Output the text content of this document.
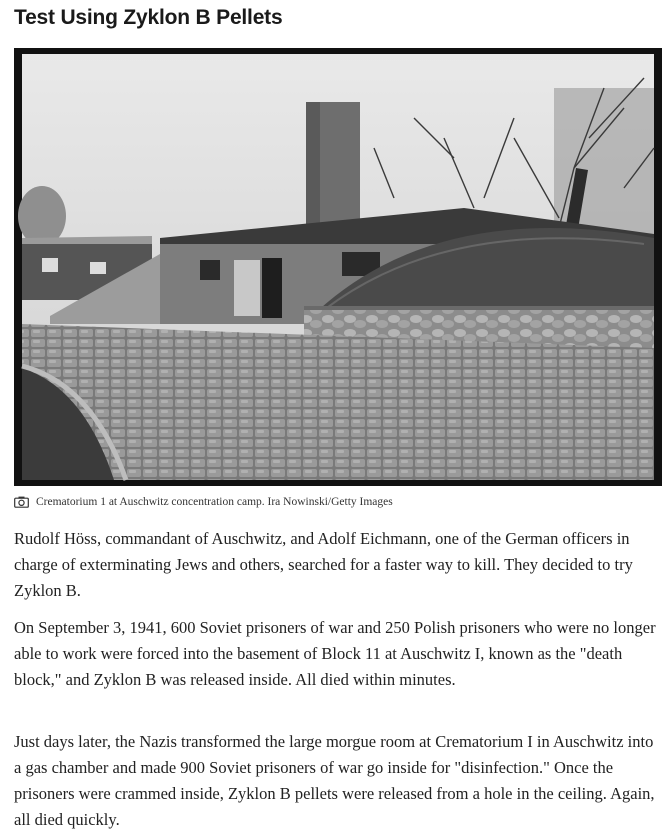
Test Using Zyklon B Pellets
Crematorium 1 at Auschwitz concentration camp. Ira Nowinski/Getty Images

Rudolf Höss, commandant of Auschwitz, and Adolf Eichmann, one of the German officers in charge of exterminating Jews and others, searched for a faster way to kill. They decided to try Zyklon B.

On September 3, 1941, 600 Soviet prisoners of war and 250 Polish prisoners who were no longer able to work were forced into the basement of Block 11 at Auschwitz I, known as the "death block," and Zyklon B was released inside. All died within minutes.

Just days later, the Nazis transformed the large morgue room at Crematorium I in Auschwitz into a gas chamber and made 900 Soviet prisoners of war go inside for "disinfection." Once the prisoners were crammed inside, Zyklon B pellets were released from a hole in the ceiling. Again, all died quickly.
